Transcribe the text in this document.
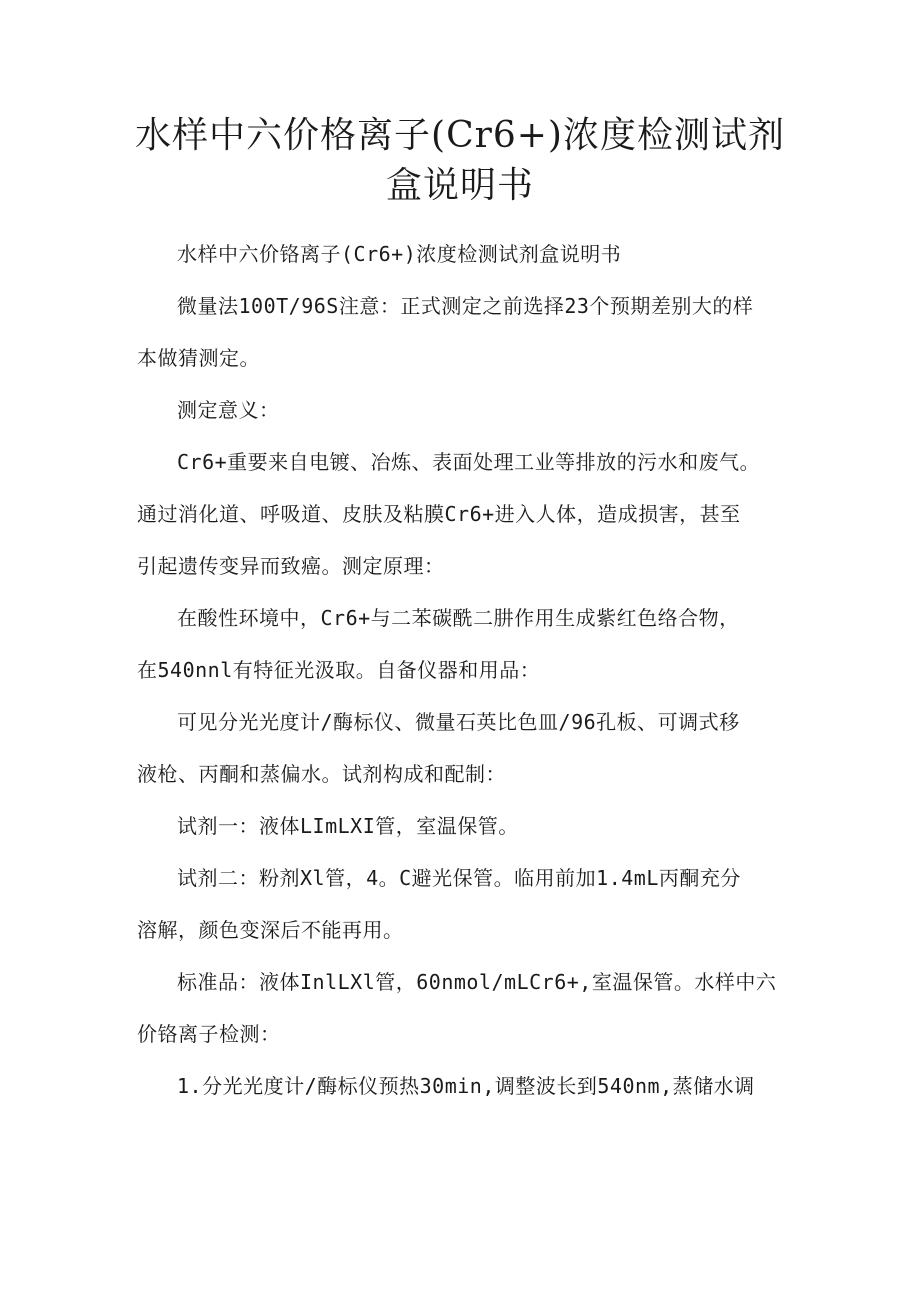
水样中六价格离子(Cr6+)浓度检测试剂
盒说明书
水样中六价铬离子(Cr6+)浓度检测试剂盒说明书
微量法100T/96S注意：正式测定之前选择23个预期差别大的样
本做猜测定。
测定意义：
Cr6+重要来自电镀、冶炼、表面处理工业等排放的污水和废气。
通过消化道、呼吸道、皮肤及粘膜Cr6+进入人体，造成损害，甚至
引起遗传变异而致癌。测定原理：
在酸性环境中，Cr6+与二苯碳酰二肼作用生成紫红色络合物，
在540nnl有特征光汲取。自备仪器和用品：
可见分光光度计/酶标仪、微量石英比色皿/96孔板、可调式移
液枪、丙酮和蒸偏水。试剂构成和配制：
试剂一：液体LImLXI管，室温保管。
试剂二：粉剂Xl管，4。C避光保管。临用前加1.4mL丙酮充分
溶解，颜色变深后不能再用。
标准品：液体InlLXl管，60nmol/mLCr6+,室温保管。水样中六
价铬离子检测：
1.分光光度计/酶标仪预热30min,调整波长到540nm,蒸储水调
